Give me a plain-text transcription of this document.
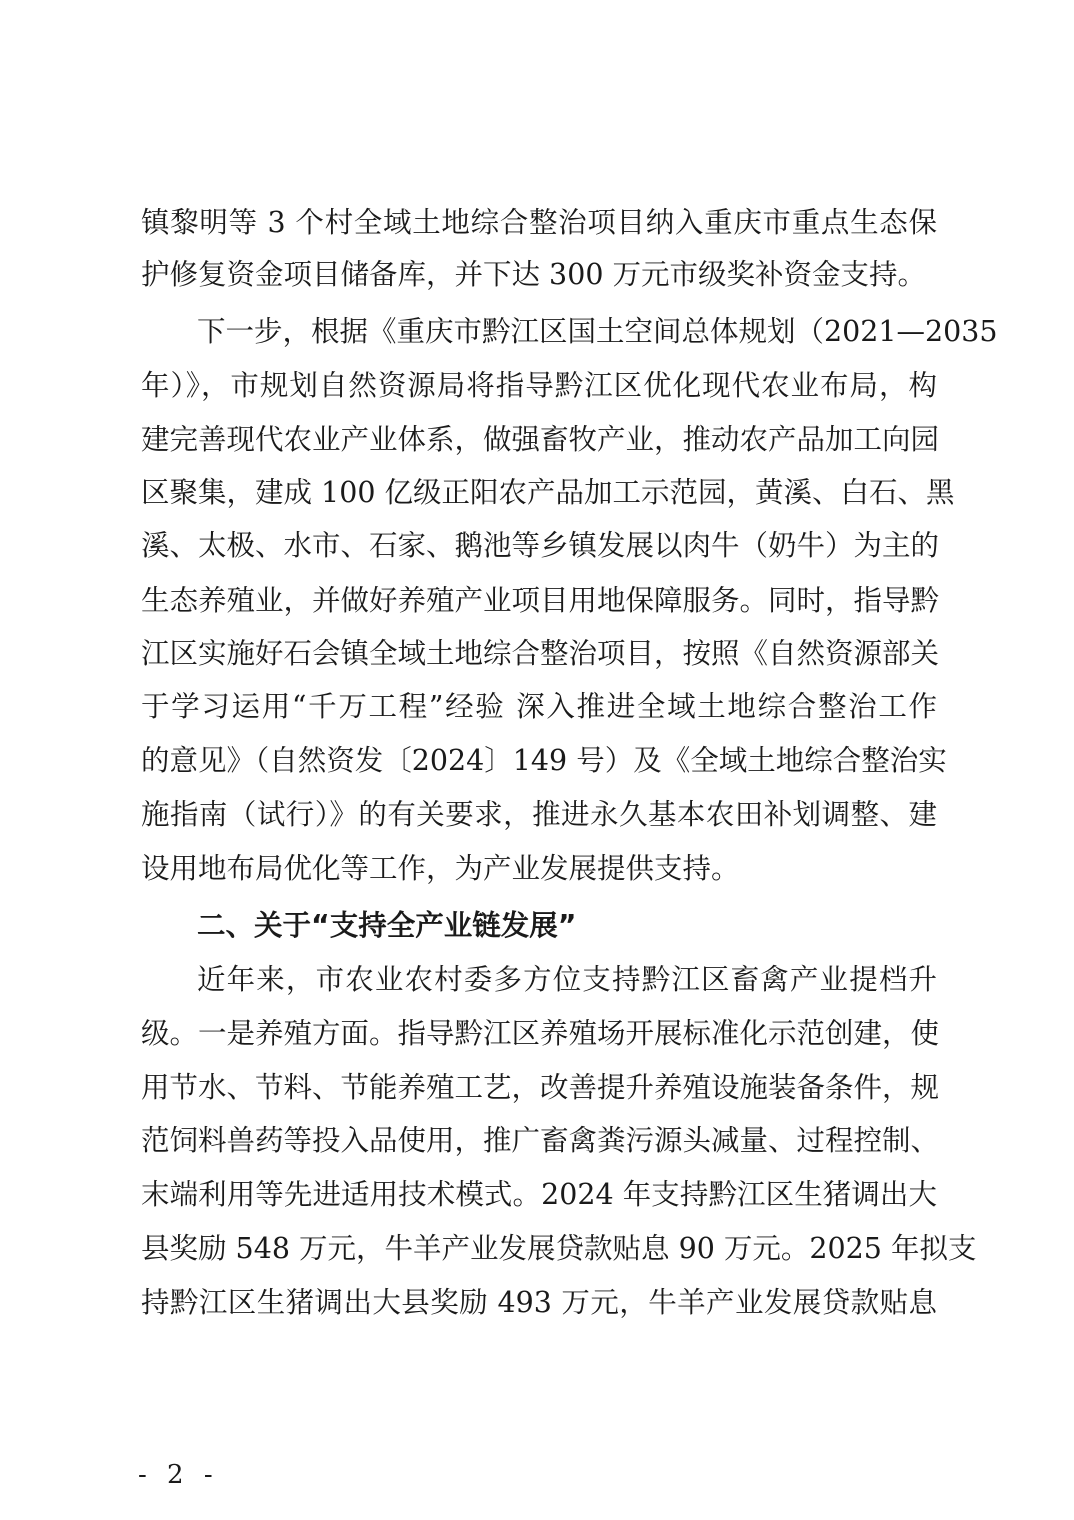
镇黎明等 3 个村全域土地综合整治项目纳入重庆市重点生态保
护修复资金项目储备库，并下达 300 万元市级奖补资金支持。
下一步，根据《重庆市黔江区国土空间总体规划（2021—2035
年）》，市规划自然资源局将指导黔江区优化现代农业布局，构
建完善现代农业产业体系，做强畜牧产业，推动农产品加工向园
区聚集，建成 100 亿级正阳农产品加工示范园，黄溪、白石、黑
溪、太极、水市、石家、鹅池等乡镇发展以肉牛（奶牛）为主的
生态养殖业，并做好养殖产业项目用地保障服务。同时，指导黔
江区实施好石会镇全域土地综合整治项目，按照《自然资源部关
于学习运用“千万工程”经验 深入推进全域土地综合整治工作
的意见》（自然资发〔2024〕149 号）及《全域土地综合整治实
施指南（试行）》的有关要求，推进永久基本农田补划调整、建
设用地布局优化等工作，为产业发展提供支持。
二、关于“支持全产业链发展”
近年来，市农业农村委多方位支持黔江区畜禽产业提档升
级。一是养殖方面。指导黔江区养殖场开展标准化示范创建，使
用节水、节料、节能养殖工艺，改善提升养殖设施装备条件，规
范饲料兽药等投入品使用，推广畜禽粪污源头减量、过程控制、
末端利用等先进适用技术模式。2024 年支持黔江区生猪调出大
县奖励 548 万元，牛羊产业发展贷款贴息 90 万元。2025 年拟支
持黔江区生猪调出大县奖励 493 万元，牛羊产业发展贷款贴息
- 2 -
